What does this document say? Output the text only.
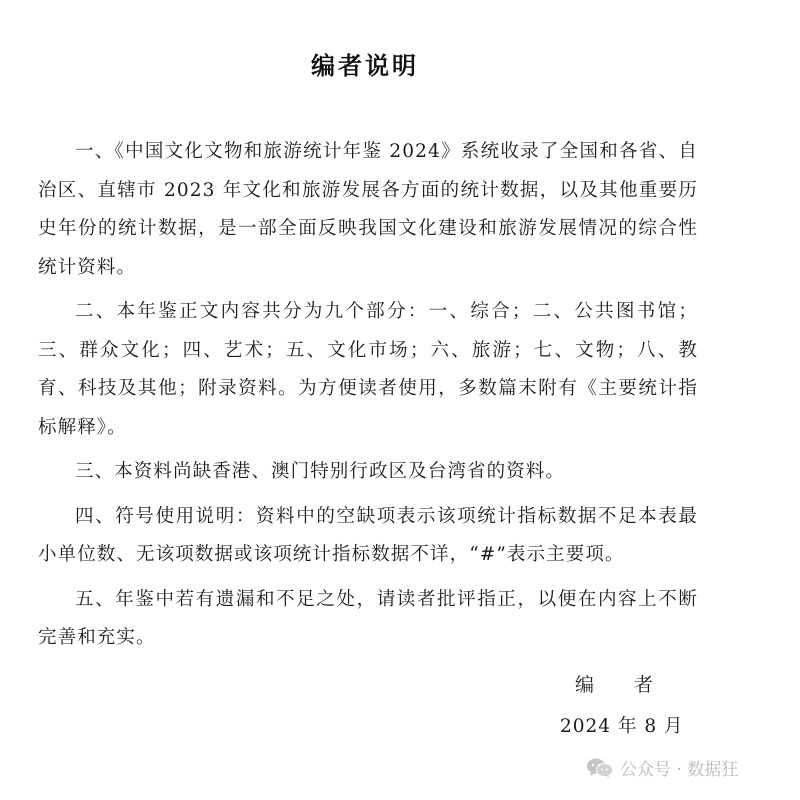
编者说明

一、《中国文化文物和旅游统计年鉴 2024》系统收录了全国和各省、自治区、直辖市 2023 年文化和旅游发展各方面的统计数据，以及其他重要历史年份的统计数据，是一部全面反映我国文化建设和旅游发展情况的综合性统计资料。

二、本年鉴正文内容共分为九个部分：一、综合；二、公共图书馆；三、群众文化；四、艺术；五、文化市场；六、旅游；七、文物；八、教育、科技及其他；附录资料。为方便读者使用，多数篇末附有《主要统计指标解释》。

三、本资料尚缺香港、澳门特别行政区及台湾省的资料。

四、符号使用说明：资料中的空缺项表示该项统计指标数据不足本表最小单位数、无该项数据或该项统计指标数据不详，“#”表示主要项。

五、年鉴中若有遗漏和不足之处，请读者批评指正，以便在内容上不断完善和充实。

编 者
2024 年 8 月
公众号 · 数据狂
